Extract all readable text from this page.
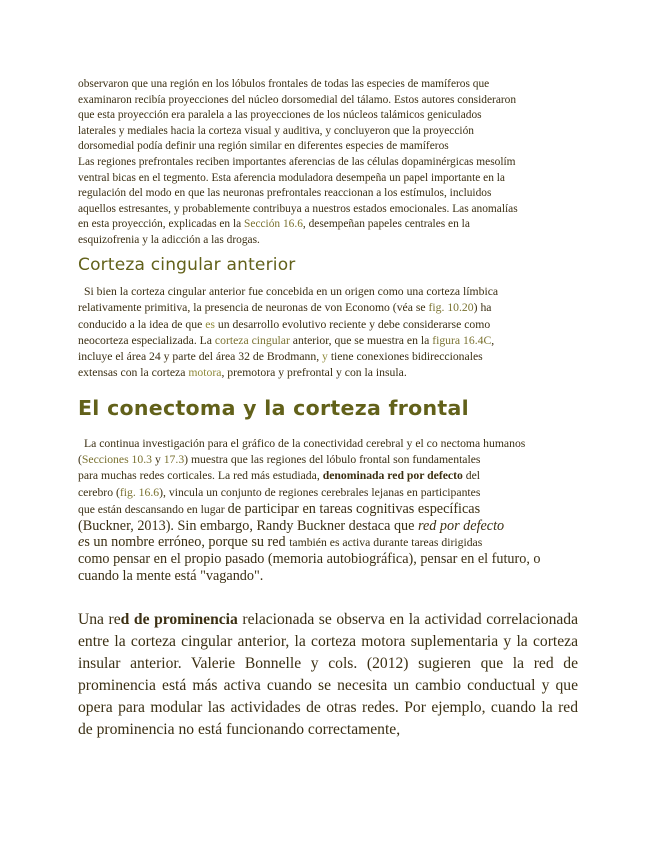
observaron que una región en los lóbulos frontales de todas las especies de mamíferos que
examinaron recibía proyecciones del núcleo dorsomedial del tálamo. Estos autores consideraron
que esta proyección era paralela a las proyecciones de los núcleos talámicos geniculados
laterales y mediales hacia la corteza visual y auditiva, y concluyeron que la proyección
dorsomedial podía definir una región similar en diferentes especies de mamíferos
Las regiones prefrontales reciben importantes aferencias de las células dopaminérgicas mesolím
ventral bicas en el tegmento. Esta aferencia moduladora desempeña un papel importante en la
regulación del modo en que las neuronas prefrontales reaccionan a los estímulos, incluidos
aquellos estresantes, y probablemente contribuya a nuestros estados emocionales. Las anomalías
en esta proyección, explicadas en la Sección 16.6, desempeñan papeles centrales en la
esquizofrenia y la adicción a las drogas.
Corteza cingular anterior
Si bien la corteza cingular anterior fue concebida en un origen como una corteza límbica
relativamente primitiva, la presencia de neuronas de von Economo (véa se fig. 10.20) ha
conducido a la idea de que es un desarrollo evolutivo reciente y debe considerarse como
neocorteza especializada. La corteza cingular anterior, que se muestra en la figura 16.4C,
incluye el área 24 y parte del área 32 de Brodmann, y tiene conexiones bidireccionales
extensas con la corteza motora, premotora y prefrontal y con la insula.
El conectoma y la corteza frontal
La continua investigación para el gráfico de la conectividad cerebral y el co nectoma humanos
(Secciones 10.3 y 17.3) muestra que las regiones del lóbulo frontal son fundamentales
para muchas redes corticales. La red más estudiada, denominada red por defecto del
cerebro (fig. 16.6), vincula un conjunto de regiones cerebrales lejanas en participantes
que están descansando en lugar de participar en tareas cognitivas específicas
(Buckner, 2013). Sin embargo, Randy Buckner destaca que red por defecto
es un nombre erróneo, porque su red también es activa durante tareas dirigidas
como pensar en el propio pasado (memoria autobiográfica), pensar en el futuro, o
cuando la mente está "vagando".
Una red de prominencia relacionada se observa en la actividad correlacionada entre la corteza cingular anterior, la corteza motora suplementaria y la corteza insular anterior. Valerie Bonnelle y cols. (2012) sugieren que la red de prominencia está más activa cuando se necesita un cambio conductual y que opera para modular las actividades de otras redes. Por ejemplo, cuando la red de prominencia no está funcionando correctamente,
